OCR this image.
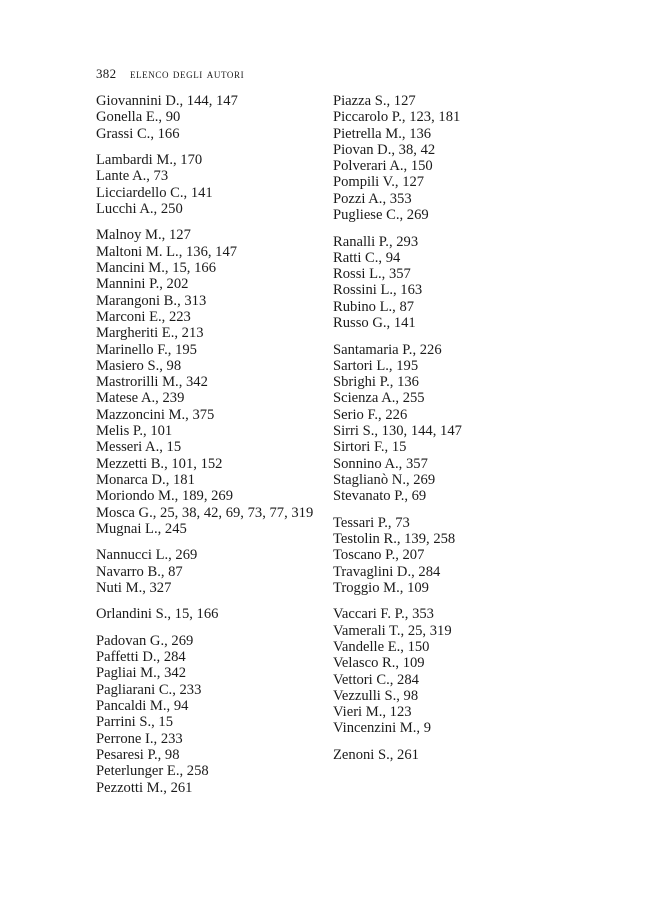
382 elenco degli autori
Giovannini D., 144, 147
Gonella E., 90
Grassi C., 166
Lambardi M., 170
Lante A., 73
Licciardello C., 141
Lucchi A., 250
Malnoy M., 127
Maltoni M. L., 136, 147
Mancini M., 15, 166
Mannini P., 202
Marangoni B., 313
Marconi E., 223
Margheriti E., 213
Marinello F., 195
Masiero S., 98
Mastrorilli M., 342
Matese A., 239
Mazzoncini M., 375
Melis P., 101
Messeri A., 15
Mezzetti B., 101, 152
Monarca D., 181
Moriondo M., 189, 269
Mosca G., 25, 38, 42, 69, 73, 77, 319
Mugnai L., 245
Nannucci L., 269
Navarro B., 87
Nuti M., 327
Orlandini S., 15, 166
Padovan G., 269
Paffetti D., 284
Pagliai M., 342
Pagliarani C., 233
Pancaldi M., 94
Parrini S., 15
Perrone I., 233
Pesaresi P., 98
Peterlunger E., 258
Pezzotti M., 261
Piazza S., 127
Piccarolo P., 123, 181
Pietrella M., 136
Piovan D., 38, 42
Polverari A., 150
Pompili V., 127
Pozzi A., 353
Pugliese C., 269
Ranalli P., 293
Ratti C., 94
Rossi L., 357
Rossini L., 163
Rubino L., 87
Russo G., 141
Santamaria P., 226
Sartori L., 195
Sbrighi P., 136
Scienza A., 255
Serio F., 226
Sirri S., 130, 144, 147
Sirtori F., 15
Sonnino A., 357
Staglianò N., 269
Stevanato P., 69
Tessari P., 73
Testolin R., 139, 258
Toscano P., 207
Travaglini D., 284
Troggio M., 109
Vaccari F. P., 353
Vamerali T., 25, 319
Vandelle E., 150
Velasco R., 109
Vettori C., 284
Vezzulli S., 98
Vieri M., 123
Vincenzini M., 9
Zenoni S., 261
